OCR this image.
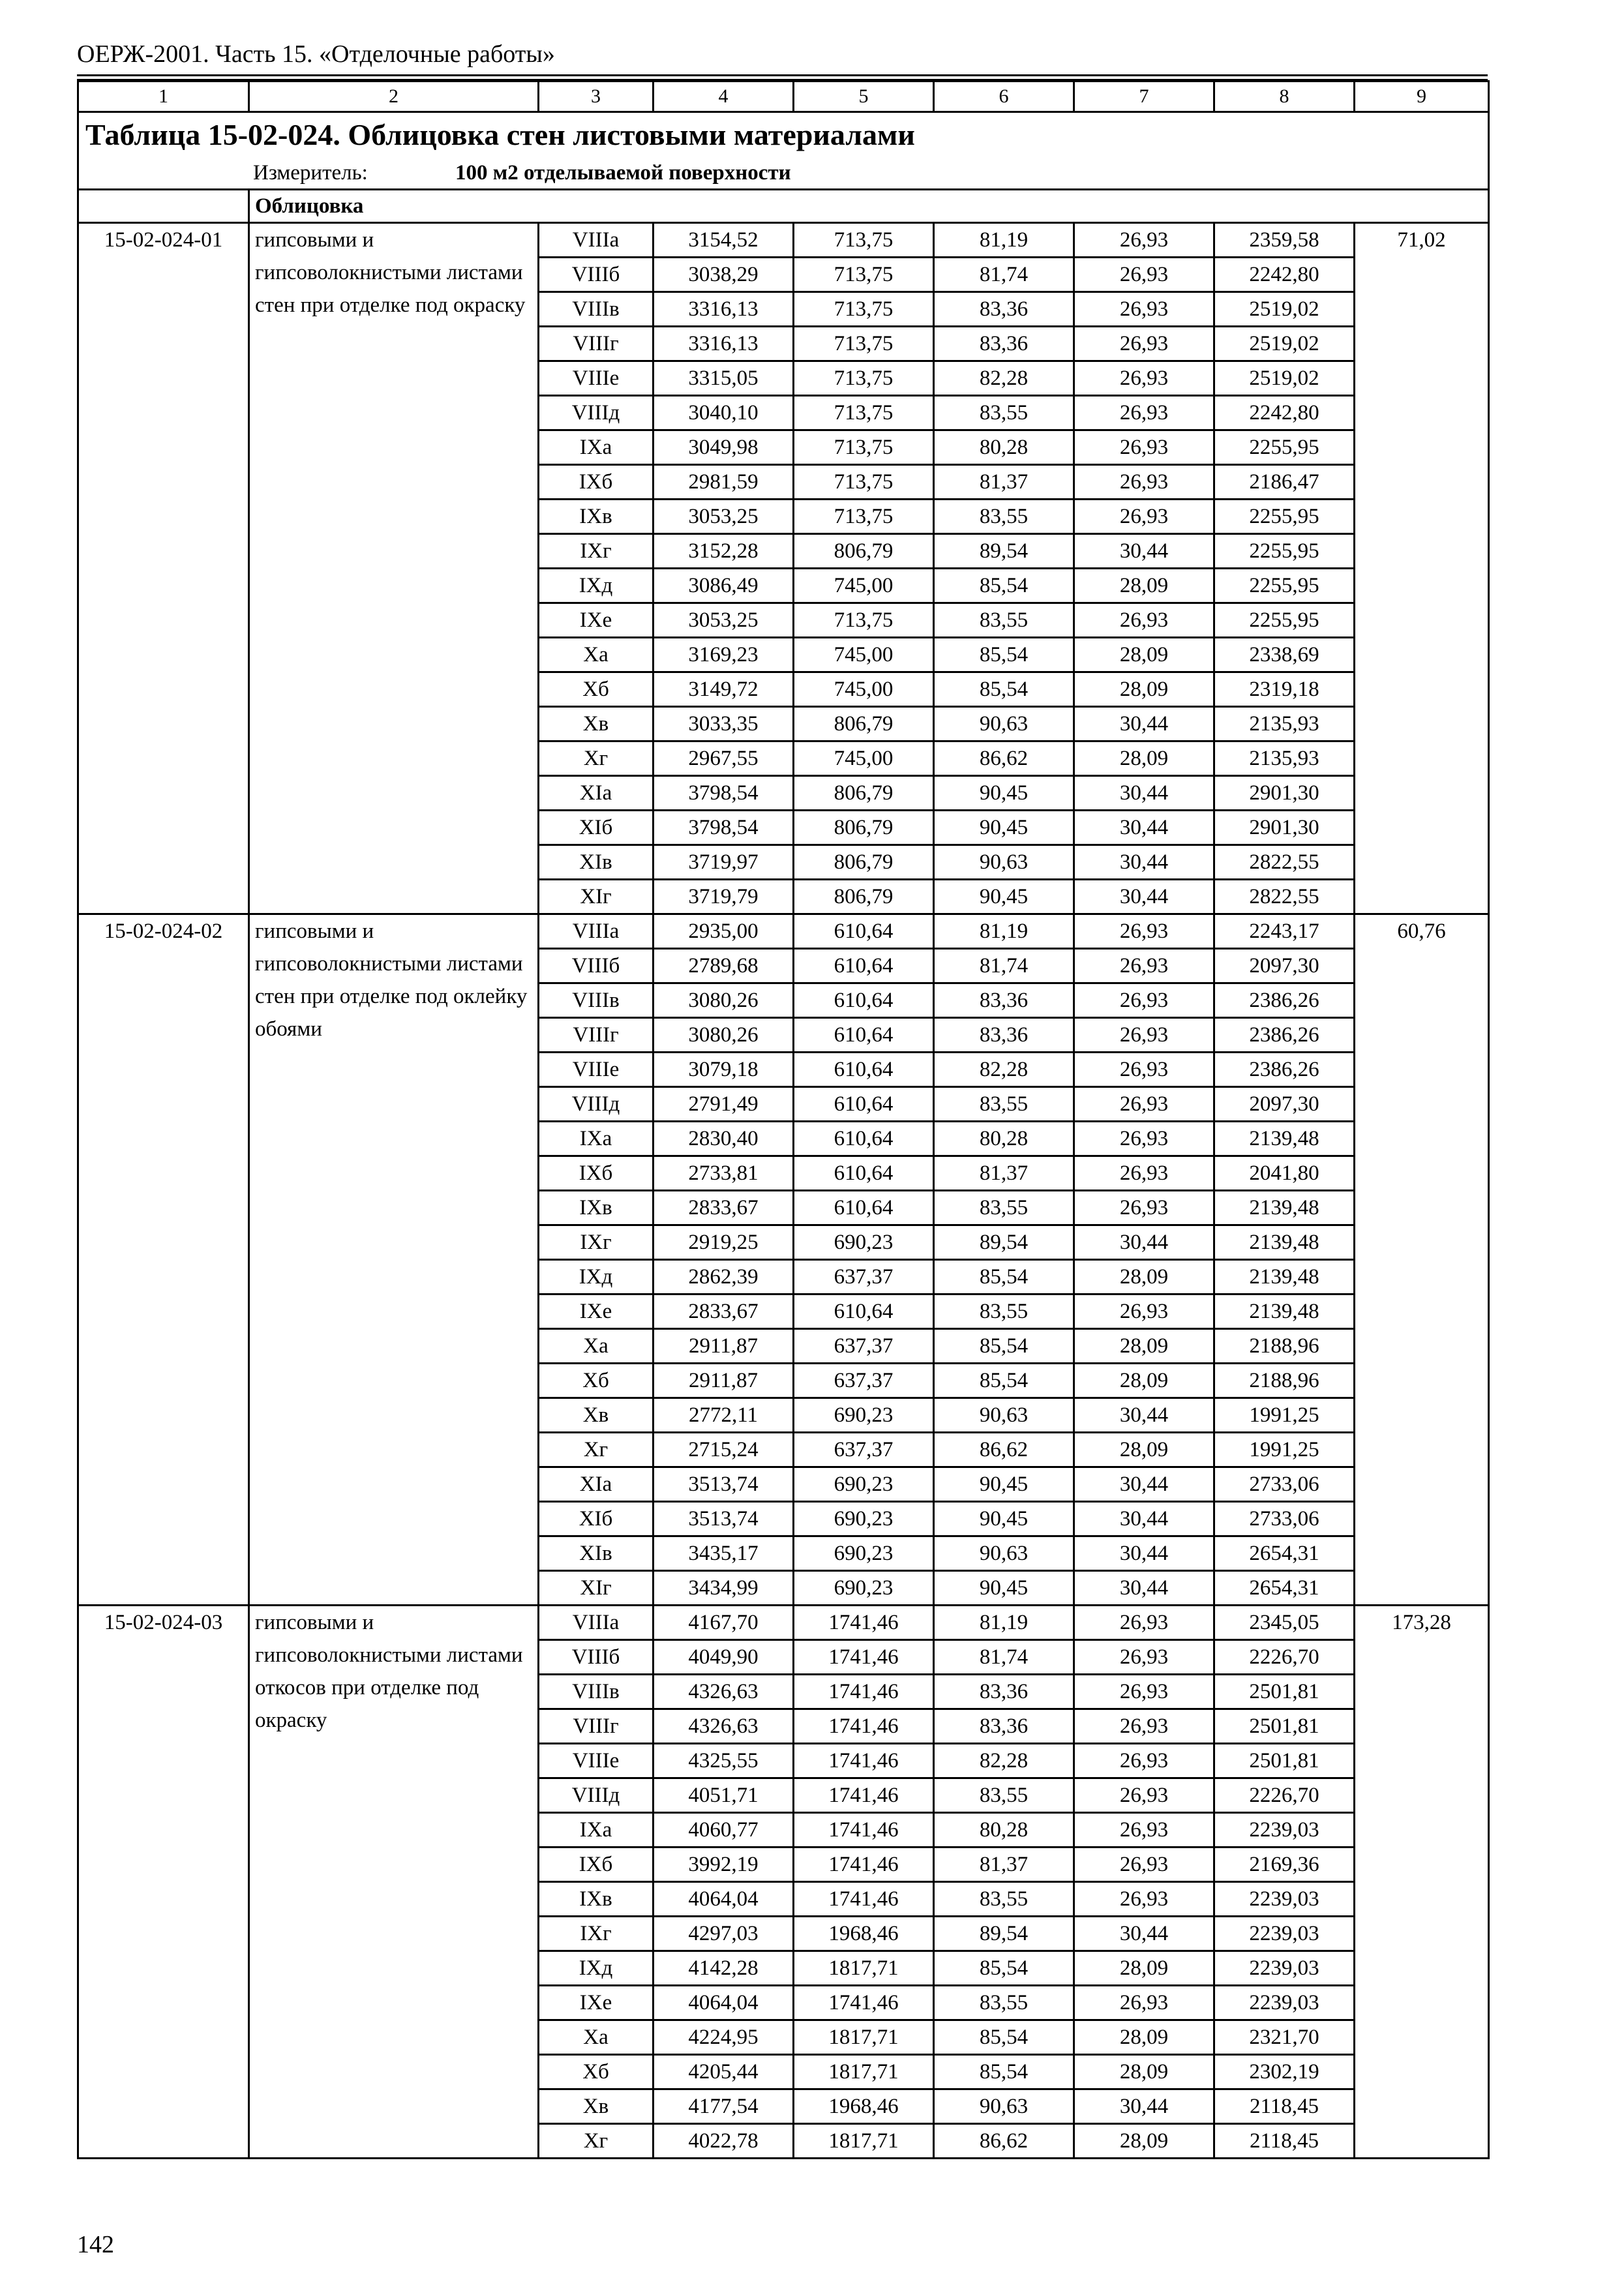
ОЕРЖ-2001. Часть 15. «Отделочные работы»
1	2	3	4	5	6	7	8	9
Таблица 15-02-024. Облицовка стен листовыми материалами								
Измеритель: 100 м2 отделываемой поверхности								
	Облицовка							
15-02-024-01	гипсовыми и гипсоволокнистыми листами стен при отделке под окраску	VIIIа	3154,52	713,75	81,19	26,93	2359,58	71,02
		VIIIб	3038,29	713,75	81,74	26,93	2242,80	
		VIIIв	3316,13	713,75	83,36	26,93	2519,02	
		VIIIг	3316,13	713,75	83,36	26,93	2519,02	
		VIIIе	3315,05	713,75	82,28	26,93	2519,02	
		VIIIд	3040,10	713,75	83,55	26,93	2242,80	
		IXа	3049,98	713,75	80,28	26,93	2255,95	
		IXб	2981,59	713,75	81,37	26,93	2186,47	
		IXв	3053,25	713,75	83,55	26,93	2255,95	
		IXг	3152,28	806,79	89,54	30,44	2255,95	
		IXд	3086,49	745,00	85,54	28,09	2255,95	
		IXе	3053,25	713,75	83,55	26,93	2255,95	
		Xа	3169,23	745,00	85,54	28,09	2338,69	
		Xб	3149,72	745,00	85,54	28,09	2319,18	
		Xв	3033,35	806,79	90,63	30,44	2135,93	
		Xг	2967,55	745,00	86,62	28,09	2135,93	
		XIа	3798,54	806,79	90,45	30,44	2901,30	
		XIб	3798,54	806,79	90,45	30,44	2901,30	
		XIв	3719,97	806,79	90,63	30,44	2822,55	
		XIг	3719,79	806,79	90,45	30,44	2822,55	
15-02-024-02	гипсовыми и гипсоволокнистыми листами стен при отделке под оклейку обоями	VIIIа	2935,00	610,64	81,19	26,93	2243,17	60,76
		VIIIб	2789,68	610,64	81,74	26,93	2097,30	
		VIIIв	3080,26	610,64	83,36	26,93	2386,26	
		VIIIг	3080,26	610,64	83,36	26,93	2386,26	
		VIIIе	3079,18	610,64	82,28	26,93	2386,26	
		VIIIд	2791,49	610,64	83,55	26,93	2097,30	
		IXа	2830,40	610,64	80,28	26,93	2139,48	
		IXб	2733,81	610,64	81,37	26,93	2041,80	
		IXв	2833,67	610,64	83,55	26,93	2139,48	
		IXг	2919,25	690,23	89,54	30,44	2139,48	
		IXд	2862,39	637,37	85,54	28,09	2139,48	
		IXе	2833,67	610,64	83,55	26,93	2139,48	
		Xа	2911,87	637,37	85,54	28,09	2188,96	
		Xб	2911,87	637,37	85,54	28,09	2188,96	
		Xв	2772,11	690,23	90,63	30,44	1991,25	
		Xг	2715,24	637,37	86,62	28,09	1991,25	
		XIа	3513,74	690,23	90,45	30,44	2733,06	
		XIб	3513,74	690,23	90,45	30,44	2733,06	
		XIв	3435,17	690,23	90,63	30,44	2654,31	
		XIг	3434,99	690,23	90,45	30,44	2654,31	
15-02-024-03	гипсовыми и гипсоволокнистыми листами откосов при отделке под окраску	VIIIа	4167,70	1741,46	81,19	26,93	2345,05	173,28
		VIIIб	4049,90	1741,46	81,74	26,93	2226,70	
		VIIIв	4326,63	1741,46	83,36	26,93	2501,81	
		VIIIг	4326,63	1741,46	83,36	26,93	2501,81	
		VIIIе	4325,55	1741,46	82,28	26,93	2501,81	
		VIIIд	4051,71	1741,46	83,55	26,93	2226,70	
		IXа	4060,77	1741,46	80,28	26,93	2239,03	
		IXб	3992,19	1741,46	81,37	26,93	2169,36	
		IXв	4064,04	1741,46	83,55	26,93	2239,03	
		IXг	4297,03	1968,46	89,54	30,44	2239,03	
		IXд	4142,28	1817,71	85,54	28,09	2239,03	
		IXе	4064,04	1741,46	83,55	26,93	2239,03	
		Xа	4224,95	1817,71	85,54	28,09	2321,70	
		Xб	4205,44	1817,71	85,54	28,09	2302,19	
		Xв	4177,54	1968,46	90,63	30,44	2118,45	
		Xг	4022,78	1817,71	86,62	28,09	2118,45	
142
